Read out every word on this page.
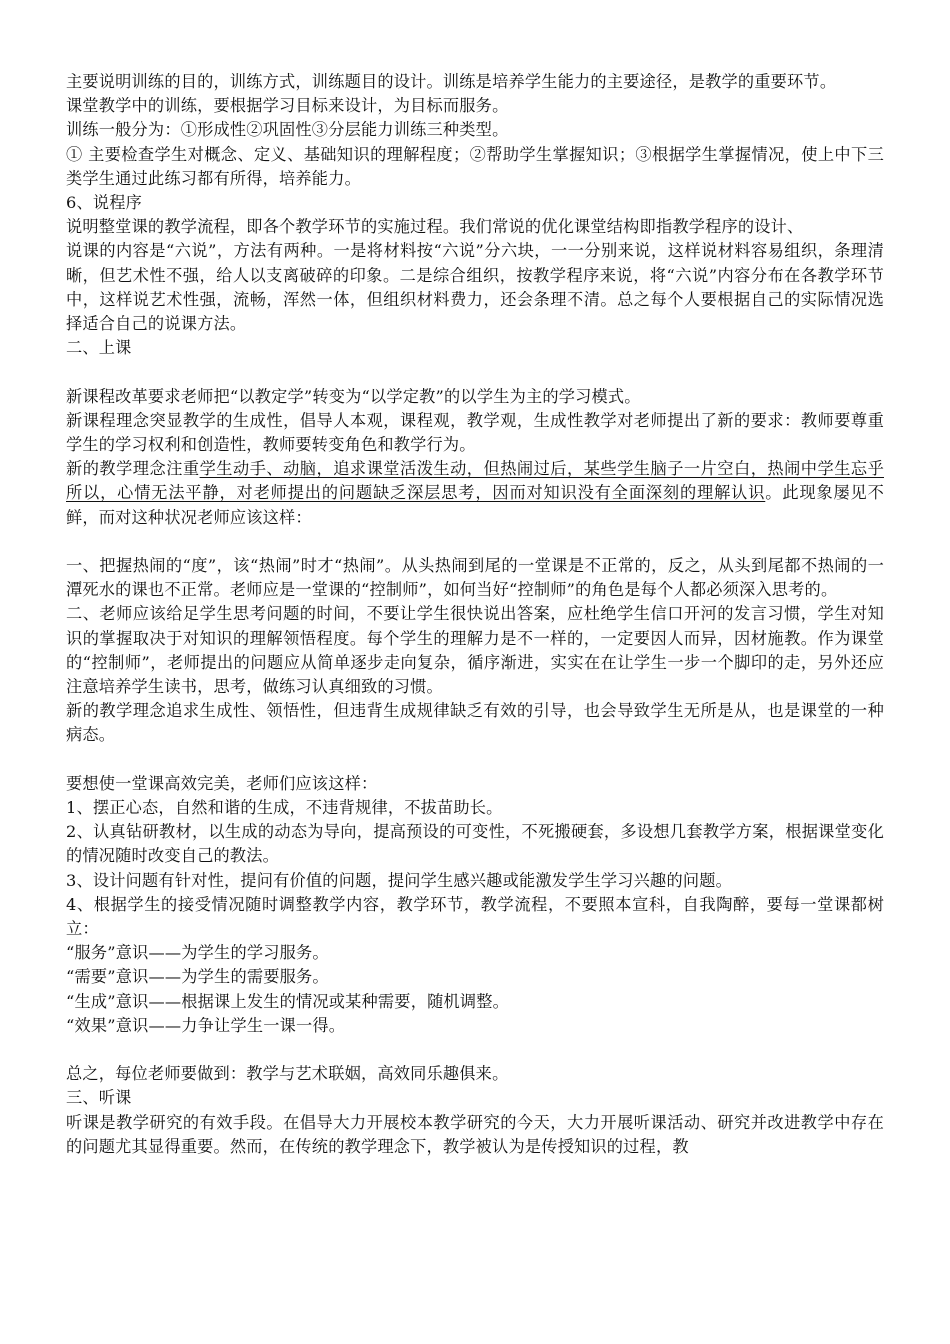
主要说明训练的目的，训练方式，训练题目的设计。训练是培养学生能力的主要途径，是教学的重要环节。

课堂教学中的训练，要根据学习目标来设计，为目标而服务。

训练一般分为：①形成性②巩固性③分层能力训练三种类型。

① 主要检查学生对概念、定义、基础知识的理解程度；②帮助学生掌握知识；③根据学生掌握情况，使上中下三类学生通过此练习都有所得，培养能力。

6、说程序

说明整堂课的教学流程，即各个教学环节的实施过程。我们常说的优化课堂结构即指教学程序的设计、

说课的内容是“六说”，方法有两种。一是将材料按“六说”分六块，一一分别来说，这样说材料容易组织，条理清晰，但艺术性不强，给人以支离破碎的印象。二是综合组织，按教学程序来说，将“六说”内容分布在各教学环节中，这样说艺术性强，流畅，浑然一体，但组织材料费力，还会条理不清。总之每个人要根据自己的实际情况选择适合自己的说课方法。

二、上课

新课程改革要求老师把“以教定学”转变为“以学定教”的以学生为主的学习模式。

新课程理念突显教学的生成性，倡导人本观，课程观，教学观，生成性教学对老师提出了新的要求：教师要尊重学生的学习权利和创造性，教师要转变角色和教学行为。

新的教学理念注重学生动手、动脑，追求课堂活泼生动，但热闹过后，某些学生脑子一片空白，热闹中学生忘乎所以，心情无法平静，对老师提出的问题缺乏深层思考，因而对知识没有全面深刻的理解认识。此现象屡见不鲜，而对这种状况老师应该这样：

一、把握热闹的“度”，该“热闹”时才“热闹”。从头热闹到尾的一堂课是不正常的，反之，从头到尾都不热闹的一潭死水的课也不正常。老师应是一堂课的“控制师”，如何当好“控制师”的角色是每个人都必须深入思考的。

二、老师应该给足学生思考问题的时间，不要让学生很快说出答案，应杜绝学生信口开河的发言习惯，学生对知识的掌握取决于对知识的理解领悟程度。每个学生的理解力是不一样的，一定要因人而异，因材施教。作为课堂的“控制师”，老师提出的问题应从简单逐步走向复杂，循序渐进，实实在在让学生一步一个脚印的走，另外还应注意培养学生读书，思考，做练习认真细致的习惯。

新的教学理念追求生成性、领悟性，但违背生成规律缺乏有效的引导，也会导致学生无所是从，也是课堂的一种病态。

要想使一堂课高效完美，老师们应该这样：

1、摆正心态，自然和谐的生成，不违背规律，不拔苗助长。

2、认真钻研教材，以生成的动态为导向，提高预设的可变性，不死搬硬套，多设想几套教学方案，根据课堂变化的情况随时改变自己的教法。

3、设计问题有针对性，提问有价值的问题，提问学生感兴趣或能激发学生学习兴趣的问题。

4、根据学生的接受情况随时调整教学内容，教学环节，教学流程，不要照本宣科，自我陶醉，要每一堂课都树立：

“服务”意识——为学生的学习服务。

“需要”意识——为学生的需要服务。

“生成”意识——根据课上发生的情况或某种需要，随机调整。

“效果”意识——力争让学生一课一得。

总之，每位老师要做到：教学与艺术联姻，高效同乐趣俱来。

三、听课

听课是教学研究的有效手段。在倡导大力开展校本教学研究的今天，大力开展听课活动、研究并改进教学中存在的问题尤其显得重要。然而，在传统的教学理念下，教学被认为是传授知识的过程，教
